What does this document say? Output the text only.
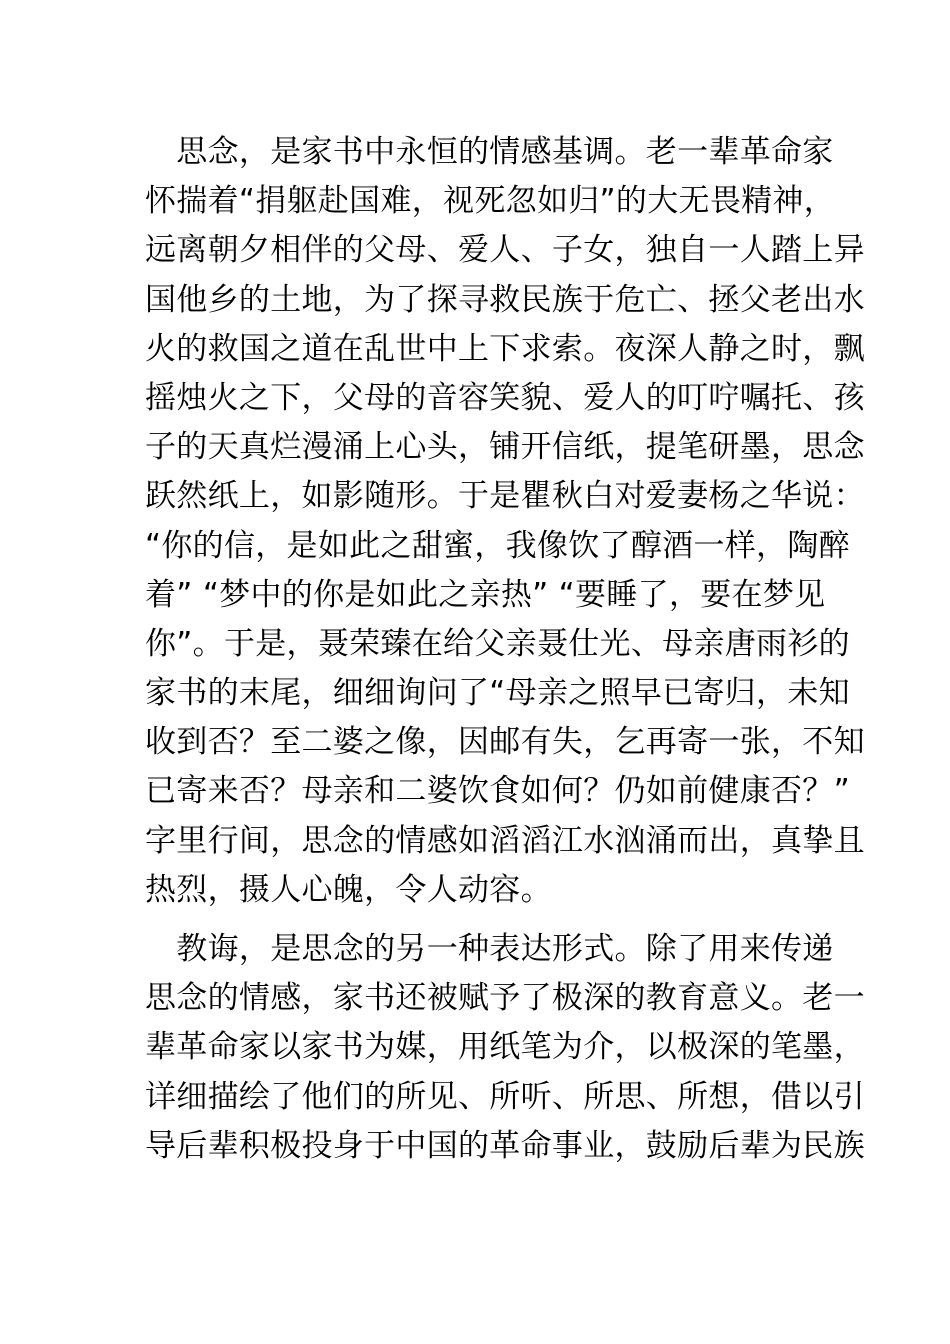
　思念，是家书中永恒的情感基调。老一辈革命家
怀揣着“捐躯赴国难，视死忽如归”的大无畏精神，
远离朝夕相伴的父母、爱人、子女，独自一人踏上异
国他乡的土地，为了探寻救民族于危亡、拯父老出水
火的救国之道在乱世中上下求索。夜深人静之时，飘
摇烛火之下，父母的音容笑貌、爱人的叮咛嘱托、孩
子的天真烂漫涌上心头，铺开信纸，提笔研墨，思念
跃然纸上，如影随形。于是瞿秋白对爱妻杨之华说：
“你的信，是如此之甜蜜，我像饮了醇酒一样，陶醉
着” “梦中的你是如此之亲热” “要睡了，要在梦见
你”。于是，聂荣臻在给父亲聂仕光、母亲唐雨衫的
家书的末尾，细细询问了“母亲之照早已寄归，未知
收到否？至二婆之像，因邮有失，乞再寄一张，不知
已寄来否？母亲和二婆饮食如何？仍如前健康否？”
字里行间，思念的情感如滔滔江水汹涌而出，真挚且
热烈，摄人心魄，令人动容。
　教诲，是思念的另一种表达形式。除了用来传递
思念的情感，家书还被赋予了极深的教育意义。老一
辈革命家以家书为媒，用纸笔为介，以极深的笔墨，
详细描绘了他们的所见、所听、所思、所想，借以引
导后辈积极投身于中国的革命事业，鼓励后辈为民族
